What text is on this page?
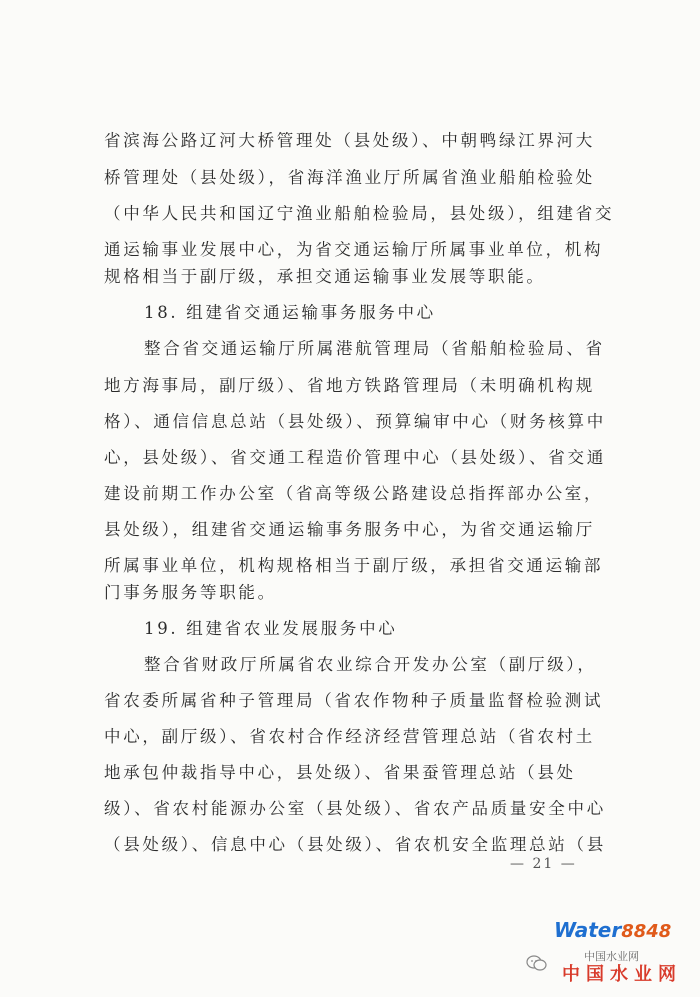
省滨海公路辽河大桥管理处（县处级）、中朝鸭绿江界河大
桥管理处（县处级），省海洋渔业厅所属省渔业船舶检验处
（中华人民共和国辽宁渔业船舶检验局，县处级），组建省交
通运输事业发展中心，为省交通运输厅所属事业单位，机构
规格相当于副厅级，承担交通运输事业发展等职能。
18. 组建省交通运输事务服务中心
整合省交通运输厅所属港航管理局（省船舶检验局、省
地方海事局，副厅级）、省地方铁路管理局（未明确机构规
格）、通信信息总站（县处级）、预算编审中心（财务核算中
心，县处级）、省交通工程造价管理中心（县处级）、省交通
建设前期工作办公室（省高等级公路建设总指挥部办公室，
县处级），组建省交通运输事务服务中心，为省交通运输厅
所属事业单位，机构规格相当于副厅级，承担省交通运输部
门事务服务等职能。
19. 组建省农业发展服务中心
整合省财政厅所属省农业综合开发办公室（副厅级），
省农委所属省种子管理局（省农作物种子质量监督检验测试
中心，副厅级）、省农村合作经济经营管理总站（省农村土
地承包仲裁指导中心，县处级）、省果蚕管理总站（县处
级）、省农村能源办公室（县处级）、省农产品质量安全中心
（县处级）、信息中心（县处级）、省农机安全监理总站（县
— 21 —
Water8848
中国水业网
中国水业网
